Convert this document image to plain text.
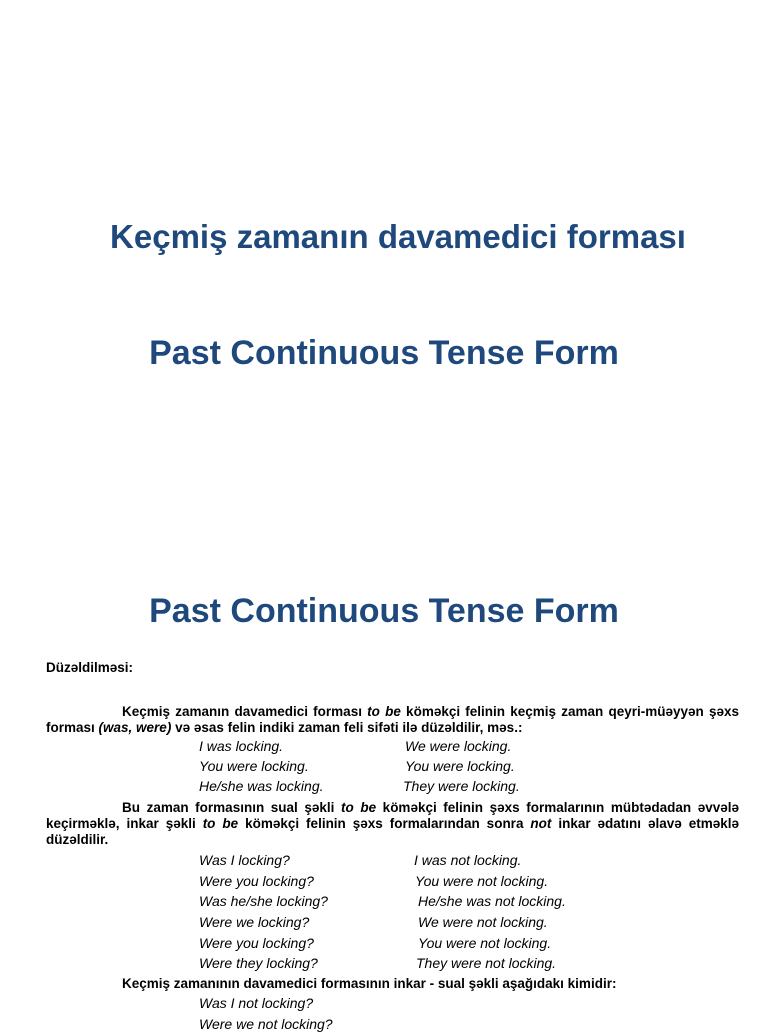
Keçmiş zamanın davamedici forması
Past Continuous Tense Form
Past Continuous Tense Form
Düzəldilməsi:
Keçmiş zamanın davamedici forması to be köməkçi felinin keçmiş zaman qeyri-müəyyən şəxs forması (was, were) və əsas felin indiki zaman feli sifəti ilə düzəldilir, məs.:
I was locking.	We were locking.
You were locking.	You were locking.
He/she was locking.	They were locking.
Bu zaman formasının sual şəkli to be köməkçi felinin şəxs formalarının mübtədadan əvvələ keçirməklə, inkar şəkli to be köməkçi felinin şəxs formalarından sonra not inkar ədatını əlavə etməklə düzəldilir.
Was I locking?	I was not locking.
Were you locking?	You were not locking.
Was he/she locking?	He/she was not locking.
Were we locking?	We were not locking.
Were you locking?	You were not locking.
Were they locking?	They were not locking.
Keçmiş zamanının davamedici formasının inkar - sual şəkli aşağıdakı kimidir:
Was I not locking?
Were we not locking?
